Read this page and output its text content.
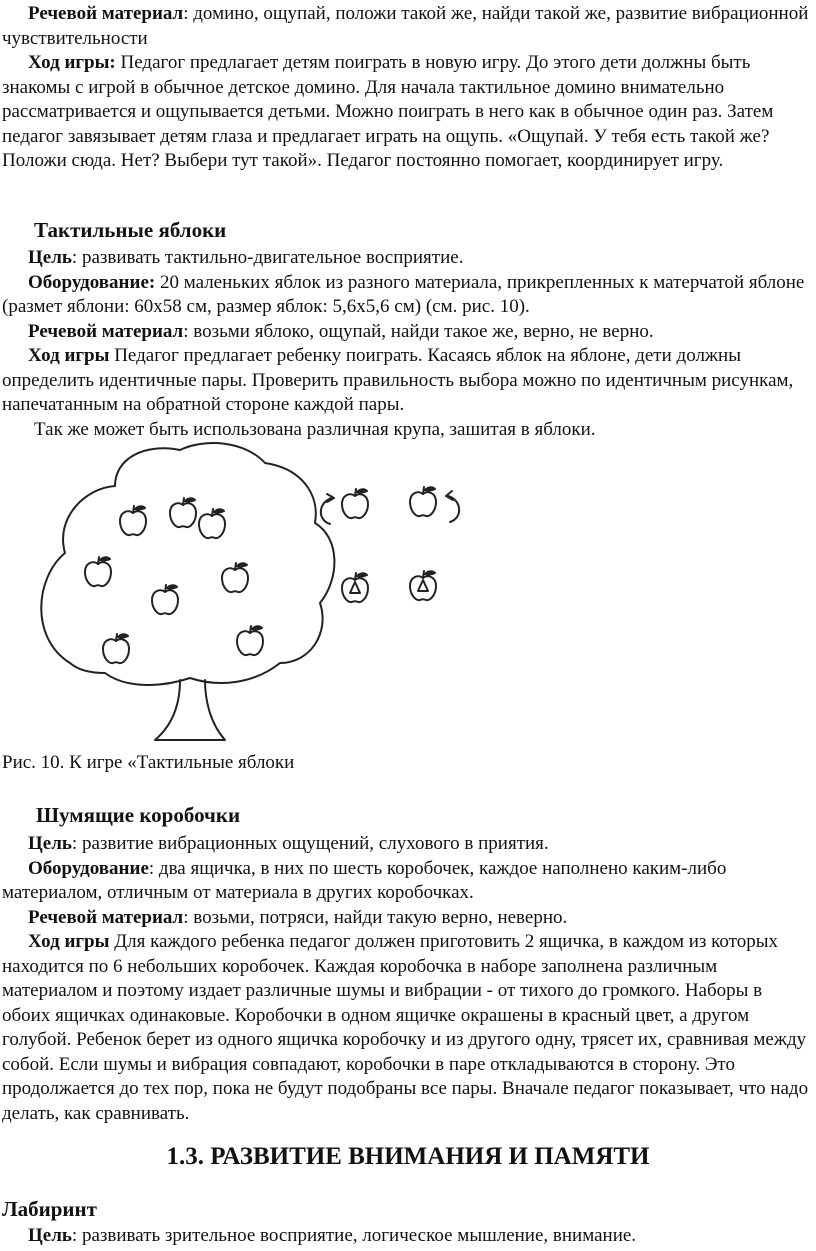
Речевой материал: домино, ощупай, положи такой же, найди такой же, развитие вибрационной чувствительности

Ход игры: Педагог предлагает детям поиграть в новую игру. До этого дети должны быть знакомы с игрой в обычное детское домино. Для начала тактильное домино внимательно рассматривается и ощупывается детьми. Можно поиграть в него как в обычное один раз. Затем педагог завязывает детям глаза и предлагает играть на ощупь. «Ощупай. У тебя есть такой же? Положи сюда. Нет? Выбери тут такой». Педагог постоянно помогает, координирует игру.

Тактильные яблоки

Цель: развивать тактильно-двигательное восприятие.

Оборудование: 20 маленьких яблок из разного материала, прикрепленных к матерчатой яблоне (размет яблони: 60х58 см, размер яблок: 5,6х5,6 см) (см. рис. 10).

Речевой материал: возьми яблоко, ощупай, найди такое же, верно, не верно.

Ход игры Педагог предлагает ребенку поиграть. Касаясь яблок на яблоне, дети должны определить идентичные пары. Проверить правильность выбора можно по идентичным рисункам, напечатанным на обратной стороне каждой пары.

Так же может быть использована различная крупа, зашитая в яблоки.

Рис. 10. К игре «Тактильные яблоки
Шумящие коробочки

Цель: развитие вибрационных ощущений, слухового в приятия.

Оборудование: два ящичка, в них по шесть коробочек, каждое наполнено каким-либо материалом, отличным от материала в других коробочках.

Речевой материал: возьми, потряси, найди такую верно, неверно.

Ход игры Для каждого ребенка педагог должен приготовить 2 ящичка, в каждом из которых находится по 6 небольших коробочек. Каждая коробочка в наборе заполнена различным материалом и поэтому издает различные шумы и вибрации - от тихого до громкого. Наборы в обоих ящичках одинаковые. Коробочки в одном ящичке окрашены в красный цвет, а другом голубой. Ребенок берет из одного ящичка коробочку и из другого одну, трясет их, сравнивая между собой. Если шумы и вибрация совпадают, коробочки в паре откладываются в сторону. Это продолжается до тех пор, пока не будут подобраны все пары. Вначале педагог показывает, что надо делать, как сравнивать.

1.3. РАЗВИТИЕ ВНИМАНИЯ И ПАМЯТИ
Лабиринт

Цель: развивать зрительное восприятие, логическое мышление, внимание.
